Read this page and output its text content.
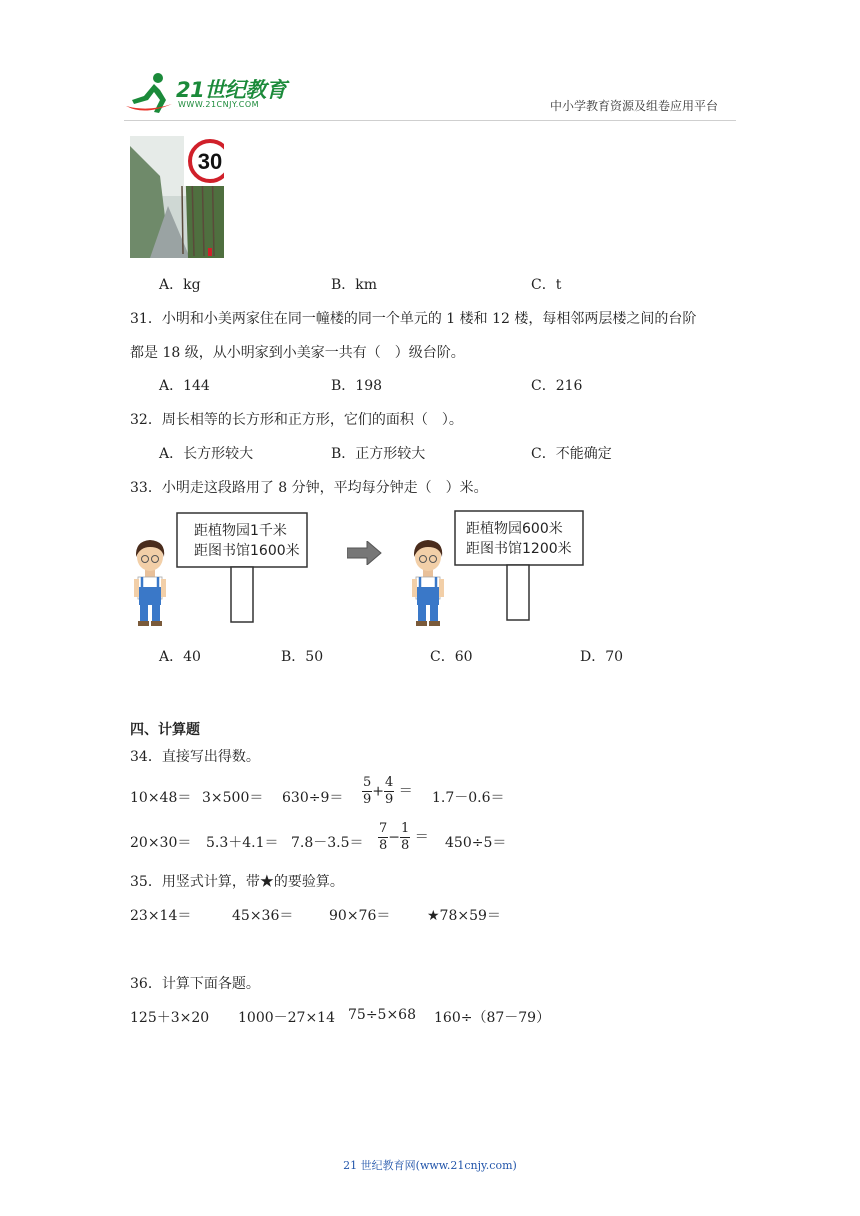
21世纪教育
WWW.21CNJY.COM	中小学教育资源及组卷应用平台
30
A．kg	B．km	C．t
31．小明和小美两家住在同一幢楼的同一个单元的 1 楼和 12 楼，每相邻两层楼之间的台阶
都是 18 级，从小明家到小美家一共有（　）级台阶。
A．144	B．198	C．216
32．周长相等的长方形和正方形，它们的面积（　）。
A．长方形较大	B．正方形较大	C．不能确定
33．小明走这段路用了 8 分钟，平均每分钟走（　）米。
距植物园1千米
距图书馆1600米
距植物园600米
距图书馆1200米
A．40	B．50	C．60	D．70
四、计算题
34．直接写出得数。
$10\times 48= 3\times 500= 630\div 9= \frac{5}{9} + \frac{4}{9} = 1.7-0.6=$
$20\times 30= 5.3+4.1= 7.8-3.5= \frac{7}{8} - \frac{1}{8} = 450\div 5=$
35．用竖式计算，带★的要验算。
23×14＝	45×36＝	90×76＝	★78×59＝
36．计算下面各题。
125＋3×20 1000－27×14 75÷5×68 160÷（87－79）
21 世纪教育网(www.21cnjy.com)
